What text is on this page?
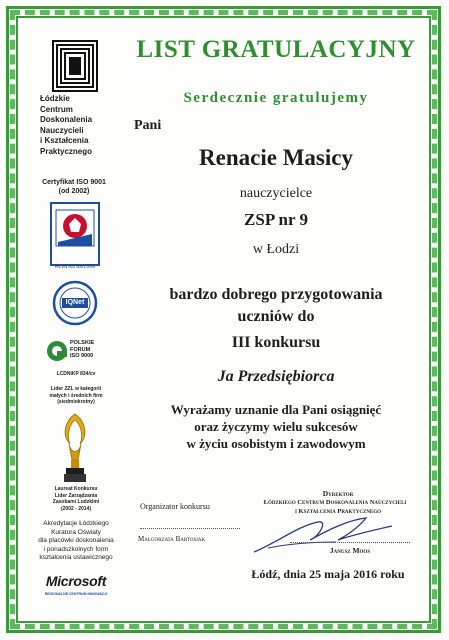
Łódzkie
Centrum
Doskonalenia
Nauczycieli
i Kształcenia
Praktycznego
Certyfikat ISO 9001
(od 2002)
PN-EN ISO 9001:2009
IQNet
POLSKIE
FORUM
ISO 9000
LCDNiKP 834/cv
Lider ZZL w kategorii
małych i średnich firm
(siedmiokrotny)
Laureat Konkursu
Lider Zarządzania
Zasobami Ludzkimi
(2002 - 2014)
Akredytacje Łódzkiego
Kuratora Oświaty
dla placówki doskonalenia
i ponadszkolnych form
kształcenia ustawicznego
Microsoft
REGIONALNE CENTRUM INNOWACJI
LIST GRATULACYJNY
Serdecznie gratulujemy
Pani
Renacie Masicy
nauczycielce
ZSP nr 9
w Łodzi
bardzo dobrego przygotowania
uczniów do
III konkursu
Ja Przedsiębiorca
Wyrażamy uznanie dla Pani osiągnięć
oraz życzymy wielu sukcesów
w życiu osobistym i zawodowym
Organizator konkursu
Małgorzata Bartosiak
Dyrektor
Łódzkiego Centrum Doskonalenia Nauczycieli
i Kształcenia Praktycznego
Janusz Moos
Łódź, dnia 25 maja 2016 roku
